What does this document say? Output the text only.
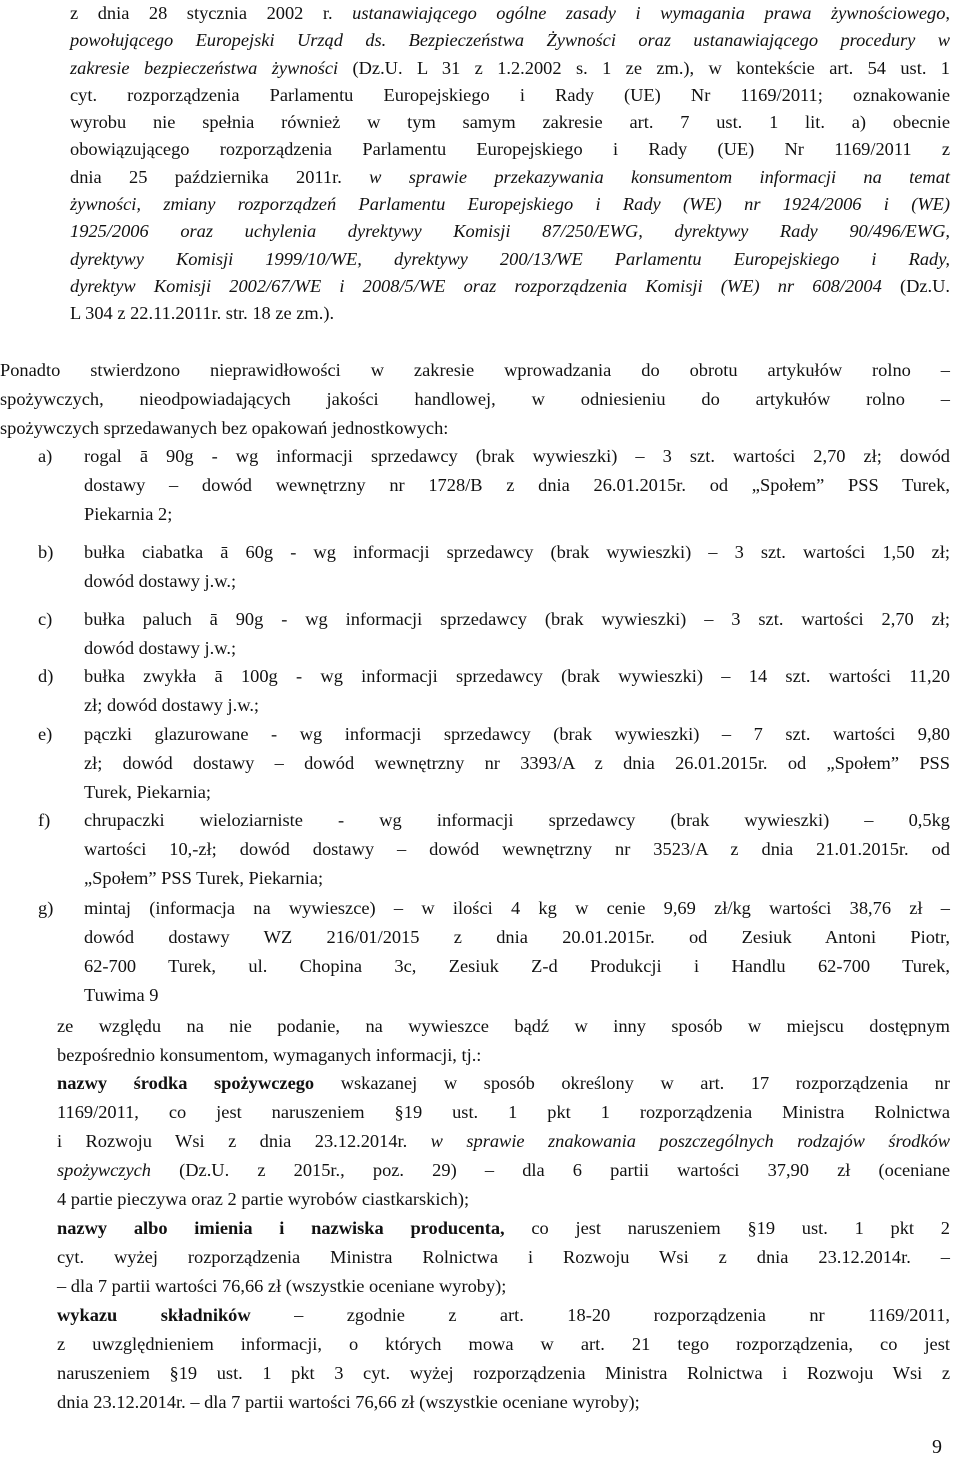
z dnia 28 stycznia 2002 r. ustanawiającego ogólne zasady i wymagania prawa żywnościowego,
powołującego Europejski Urząd ds. Bezpieczeństwa Żywności oraz ustanawiającego procedury w
zakresie bezpieczeństwa żywności (Dz.U. L 31 z 1.2.2002 s. 1 ze zm.), w kontekście art. 54 ust. 1
cyt. rozporządzenia Parlamentu Europejskiego i Rady (UE) Nr 1169/2011; oznakowanie
wyrobu nie spełnia również w tym samym zakresie art. 7 ust. 1 lit. a) obecnie
obowiązującego rozporządzenia Parlamentu Europejskiego i Rady (UE) Nr 1169/2011 z
dnia 25 października 2011r. w sprawie przekazywania konsumentom informacji na temat
żywności, zmiany rozporządzeń Parlamentu Europejskiego i Rady (WE) nr 1924/2006 i (WE)
1925/2006 oraz uchylenia dyrektywy Komisji 87/250/EWG, dyrektywy Rady 90/496/EWG,
dyrektywy Komisji 1999/10/WE, dyrektywy 200/13/WE Parlamentu Europejskiego i Rady,
dyrektyw Komisji 2002/67/WE i 2008/5/WE oraz rozporządzenia Komisji (WE) nr 608/2004 (Dz.U.
L 304 z 22.11.2011r. str. 18 ze zm.).
Ponadto stwierdzono nieprawidłowości w zakresie wprowadzania do obrotu artykułów rolno –
spożywczych, nieodpowiadających jakości handlowej, w odniesieniu do artykułów rolno –
spożywczych sprzedawanych bez opakowań jednostkowych:
a)	rogal ā 90g - wg informacji sprzedawcy (brak wywieszki) – 3 szt. wartości 2,70 zł; dowód
dostawy – dowód wewnętrzny nr 1728/B z dnia 26.01.2015r. od „Społem” PSS Turek,
Piekarnia 2;
b)	bułka ciabatka ā 60g - wg informacji sprzedawcy (brak wywieszki) – 3 szt. wartości 1,50 zł;
dowód dostawy j.w.;
c)	bułka paluch ā 90g - wg informacji sprzedawcy (brak wywieszki) – 3 szt. wartości 2,70 zł;
dowód dostawy j.w.;
d)	bułka zwykła ā 100g - wg informacji sprzedawcy (brak wywieszki) – 14 szt. wartości 11,20
zł; dowód dostawy j.w.;
e)	pączki glazurowane - wg informacji sprzedawcy (brak wywieszki) – 7 szt. wartości 9,80
zł; dowód dostawy – dowód wewnętrzny nr 3393/A z dnia 26.01.2015r. od „Społem” PSS
Turek, Piekarnia;
f)	chrupaczki wieloziarniste - wg informacji sprzedawcy (brak wywieszki) – 0,5kg
wartości 10,-zł; dowód dostawy – dowód wewnętrzny nr 3523/A z dnia 21.01.2015r. od
„Społem” PSS Turek, Piekarnia;
g)	mintaj (informacja na wywieszce) – w ilości 4 kg w cenie 9,69 zł/kg wartości 38,76 zł –
dowód dostawy WZ 216/01/2015 z dnia 20.01.2015r. od Zesiuk Antoni Piotr,
62-700 Turek, ul. Chopina 3c, Zesiuk Z-d Produkcji i Handlu 62-700 Turek,
Tuwima 9
ze względu na nie podanie, na wywieszce bądź w inny sposób w miejscu dostępnym
bezpośrednio konsumentom, wymaganych informacji, tj.:
nazwy środka spożywczego wskazanej w sposób określony w art. 17 rozporządzenia nr
1169/2011, co jest naruszeniem §19 ust. 1 pkt 1 rozporządzenia Ministra Rolnictwa
i Rozwoju Wsi z dnia 23.12.2014r. w sprawie znakowania poszczególnych rodzajów środków
spożywczych (Dz.U. z 2015r., poz. 29) – dla 6 partii wartości 37,90 zł (oceniane
4 partie pieczywa oraz 2 partie wyrobów ciastkarskich);
nazwy albo imienia i nazwiska producenta, co jest naruszeniem §19 ust. 1 pkt 2
cyt. wyżej rozporządzenia Ministra Rolnictwa i Rozwoju Wsi z dnia 23.12.2014r. –
– dla 7 partii wartości 76,66 zł (wszystkie oceniane wyroby);
wykazu składników – zgodnie z art. 18-20 rozporządzenia nr 1169/2011,
z uwzględnieniem informacji, o których mowa w art. 21 tego rozporządzenia, co jest
naruszeniem §19 ust. 1 pkt 3 cyt. wyżej rozporządzenia Ministra Rolnictwa i Rozwoju Wsi z
dnia 23.12.2014r. – dla 7 partii wartości 76,66 zł (wszystkie oceniane wyroby);
9
